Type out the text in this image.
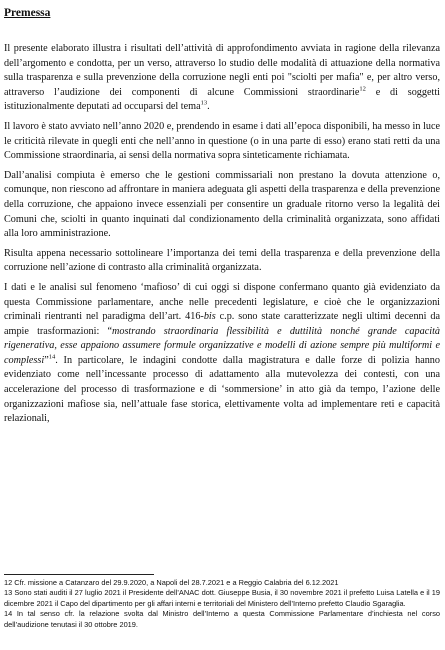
Premessa

Il presente elaborato illustra i risultati dell’attività di approfondimento avviata in ragione della rilevanza dell’argomento e condotta, per un verso, attraverso lo studio delle modalità di attuazione della normativa sulla trasparenza e sulla prevenzione della corruzione negli enti poi "sciolti per mafia" e, per altro verso, attraverso l’audizione dei componenti di alcune Commissioni straordinarie$^{12}$ e di soggetti istituzionalmente deputati ad occuparsi del tema$^{13}$.

Il lavoro è stato avviato nell’anno 2020 e, prendendo in esame i dati all’epoca disponibili, ha messo in luce le criticità rilevate in quegli enti che nell’anno in questione (o in una parte di esso) erano stati retti da una Commissione straordinaria, ai sensi della normativa sopra sinteticamente richiamata.

Dall’analisi compiuta è emerso che le gestioni commissariali non prestano la dovuta attenzione o, comunque, non riescono ad affrontare in maniera adeguata gli aspetti della trasparenza e della prevenzione della corruzione, che appaiono invece essenziali per consentire un graduale ritorno verso la legalità dei Comuni che, sciolti in quanto inquinati dal condizionamento della criminalità organizzata, sono affidati alla loro amministrazione.

Risulta appena necessario sottolineare l’importanza dei temi della trasparenza e della prevenzione della corruzione nell’azione di contrasto alla criminalità organizzata.

I dati e le analisi sul fenomeno ‘mafioso’ di cui oggi si dispone confermano quanto già evidenziato da questa Commissione parlamentare, anche nelle precedenti legislature, e cioè che le organizzazioni criminali rientranti nel paradigma dell’art. 416-bis c.p. sono state caratterizzate negli ultimi decenni da ampie trasformazioni: “mostrando straordinaria flessibilità e duttilità nonché grande capacità rigenerativa, esse appaiono assumere formule organizzative e modelli di azione sempre più multiformi e complessi”$^{14}$. In particolare, le indagini condotte dalla magistratura e dalle forze di polizia hanno evidenziato come nell’incessante processo di adattamento alla mutevolezza dei contesti, con una accelerazione del processo di trasformazione e di ‘sommersione’ in atto già da tempo, l’azione delle organizzazioni mafiose sia, nell’attuale fase storica, elettivamente volta ad implementare reti e capacità relazionali,

12 Cfr. missione a Catanzaro del 29.9.2020, a Napoli del 28.7.2021 e a Reggio Calabria del 6.12.2021

13 Sono stati auditi il 27 luglio 2021 il Presidente dell’ANAC dott. Giuseppe Busia, il 30 novembre 2021 il prefetto Luisa Latella e il 19 dicembre 2021 il Capo del dipartimento per gli affari interni e territoriali del Ministero dell’Interno prefetto Claudio Sgaraglia.

14 In tal senso cfr. la relazione svolta dal Ministro dell’Interno a questa Commissione Parlamentare d’inchiesta nel corso dell’audizione tenutasi il 30 ottobre 2019.
